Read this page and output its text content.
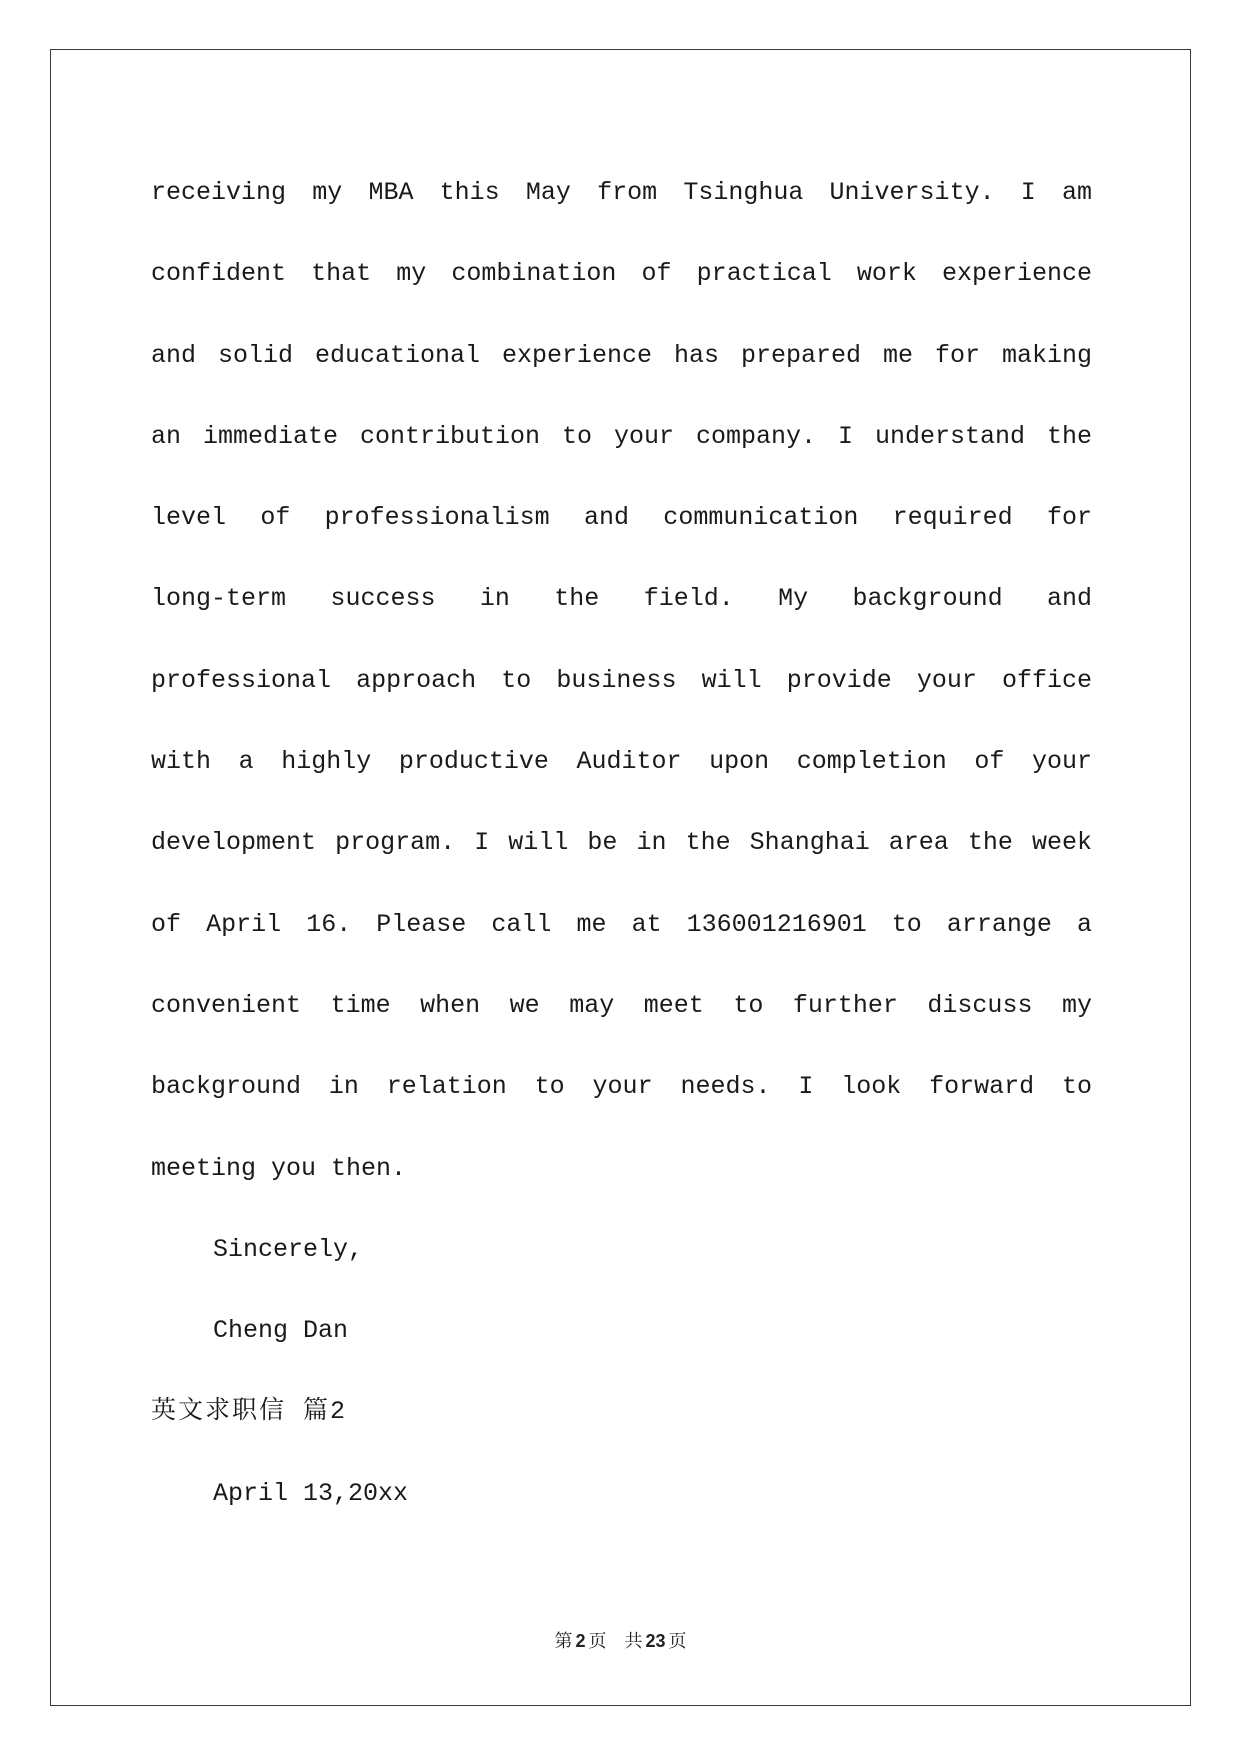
receiving my MBA this May from Tsinghua University. I am
confident that my combination of practical work experience
and solid educational experience has prepared me for making
an immediate contribution to your company. I understand the
level of professionalism and communication required for
long-term success in the field. My background and
professional approach to business will provide your office
with a highly productive Auditor upon completion of your
development program. I will be in the Shanghai area the week
of April 16. Please call me at 136001216901 to arrange a
convenient time when we may meet to further discuss my
background in relation to your needs. I look forward to
meeting you then.
Sincerely,
Cheng Dan
英文求职信 篇2
April 13,20xx
第 2 页 共 23 页
